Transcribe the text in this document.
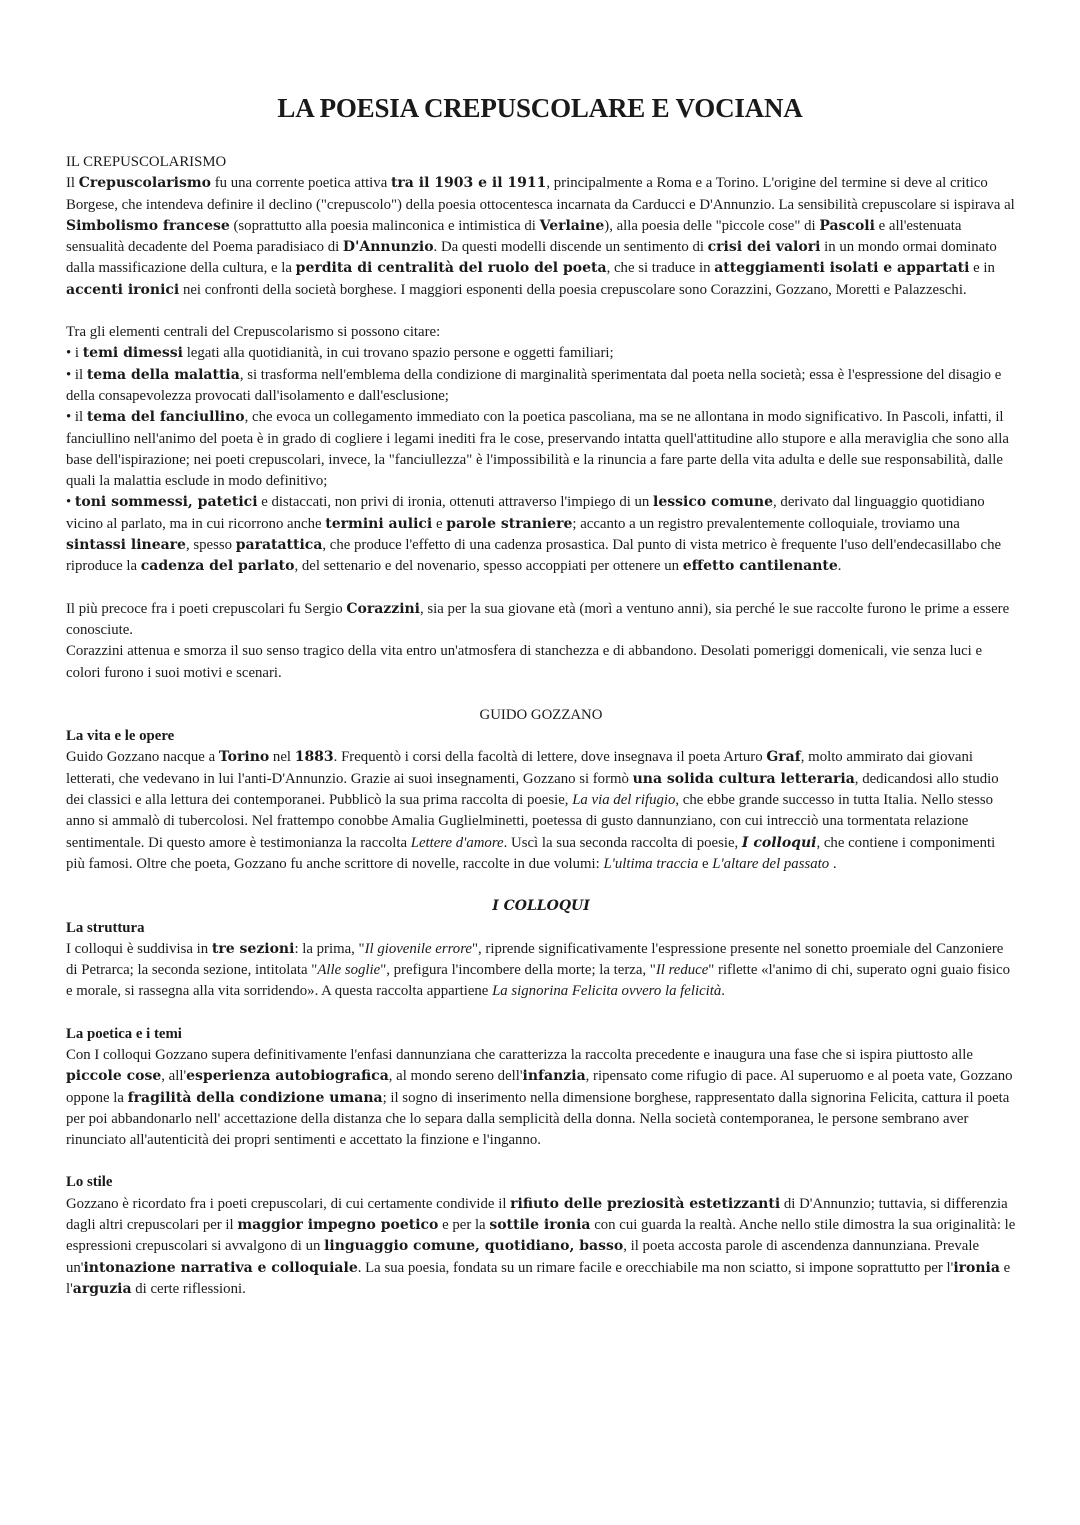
LA POESIA CREPUSCOLARE E VOCIANA

IL CREPUSCOLARISMO

Il Crepuscolarismo fu una corrente poetica attiva tra il 1903 e il 1911, principalmente a Roma e a Torino. L'origine del termine si deve al critico Borgese, che intendeva definire il declino ("crepuscolo") della poesia ottocentesca incarnata da Carducci e D'Annunzio. La sensibilità crepuscolare si ispirava al Simbolismo francese (soprattutto alla poesia malinconica e intimistica di Verlaine), alla poesia delle "piccole cose" di Pascoli e all'estenuata sensualità decadente del Poema paradisiaco di D'Annunzio. Da questi modelli discende un sentimento di crisi dei valori in un mondo ormai dominato dalla massificazione della cultura, e la perdita di centralità del ruolo del poeta, che si traduce in atteggiamenti isolati e appartati e in accenti ironici nei confronti della società borghese. I maggiori esponenti della poesia crepuscolare sono Corazzini, Gozzano, Moretti e Palazzeschi.

Tra gli elementi centrali del Crepuscolarismo si possono citare:
• i temi dimessi legati alla quotidianità, in cui trovano spazio persone e oggetti familiari;
• il tema della malattia, si trasforma nell'emblema della condizione di marginalità sperimentata dal poeta nella società; essa è l'espressione del disagio e della consapevolezza provocati dall'isolamento e dall'esclusione;
• il tema del fanciullino, che evoca un collegamento immediato con la poetica pascoliana, ma se ne allontana in modo significativo. In Pascoli, infatti, il fanciullino nell'animo del poeta è in grado di cogliere i legami inediti fra le cose, preservando intatta quell'attitudine allo stupore e alla meraviglia che sono alla base dell'ispirazione; nei poeti crepuscolari, invece, la "fanciullezza" è l'impossibilità e la rinuncia a fare parte della vita adulta e delle sue responsabilità, dalle quali la malattia esclude in modo definitivo;
• toni sommessi, patetici e distaccati, non privi di ironia, ottenuti attraverso l'impiego di un lessico comune, derivato dal linguaggio quotidiano vicino al parlato, ma in cui ricorrono anche termini aulici e parole straniere; accanto a un registro prevalentemente colloquiale, troviamo una sintassi lineare, spesso paratattica, che produce l'effetto di una cadenza prosastica. Dal punto di vista metrico è frequente l'uso dell'endecasillabo che riproduce la cadenza del parlato, del settenario e del novenario, spesso accoppiati per ottenere un effetto cantilenante.

Il più precoce fra i poeti crepuscolari fu Sergio Corazzini, sia per la sua giovane età (morì a ventuno anni), sia perché le sue raccolte furono le prime a essere conosciute.
Corazzini attenua e smorza il suo senso tragico della vita entro un'atmosfera di stanchezza e di abbandono. Desolati pomeriggi domenicali, vie senza luci e colori furono i suoi motivi e scenari.

GUIDO GOZZANO

La vita e le opere

Guido Gozzano nacque a Torino nel 1883. Frequentò i corsi della facoltà di lettere, dove insegnava il poeta Arturo Graf, molto ammirato dai giovani letterati, che vedevano in lui l'anti-D'Annunzio. Grazie ai suoi insegnamenti, Gozzano si formò una solida cultura letteraria, dedicandosi allo studio dei classici e alla lettura dei contemporanei. Pubblicò la sua prima raccolta di poesie, La via del rifugio, che ebbe grande successo in tutta Italia. Nello stesso anno si ammalò di tubercolosi. Nel frattempo conobbe Amalia Guglielminetti, poetessa di gusto dannunziano, con cui intrecciò una tormentata relazione sentimentale. Di questo amore è testimonianza la raccolta Lettere d'amore. Uscì la sua seconda raccolta di poesie, I colloqui, che contiene i componimenti più famosi. Oltre che poeta, Gozzano fu anche scrittore di novelle, raccolte in due volumi: L'ultima traccia e L'altare del passato .

I COLLOQUI

La struttura

I colloqui è suddivisa in tre sezioni: la prima, "Il giovenile errore", riprende significativamente l'espressione presente nel sonetto proemiale del Canzoniere di Petrarca; la seconda sezione, intitolata "Alle soglie", prefigura l'incombere della morte; la terza, "Il reduce" riflette «l'animo di chi, superato ogni guaio fisico e morale, si rassegna alla vita sorridendo». A questa raccolta appartiene La signorina Felicita ovvero la felicità.

La poetica e i temi

Con I colloqui Gozzano supera definitivamente l'enfasi dannunziana che caratterizza la raccolta precedente e inaugura una fase che si ispira piuttosto alle piccole cose, all'esperienza autobiografica, al mondo sereno dell'infanzia, ripensato come rifugio di pace. Al superuomo e al poeta vate, Gozzano oppone la fragilità della condizione umana; il sogno di inserimento nella dimensione borghese, rappresentato dalla signorina Felicita, cattura il poeta per poi abbandonarlo nell' accettazione della distanza che lo separa dalla semplicità della donna. Nella società contemporanea, le persone sembrano aver rinunciato all'autenticità dei propri sentimenti e accettato la finzione e l'inganno.

Lo stile

Gozzano è ricordato fra i poeti crepuscolari, di cui certamente condivide il rifiuto delle preziosità estetizzanti di D'Annunzio; tuttavia, si differenzia dagli altri crepuscolari per il maggior impegno poetico e per la sottile ironia con cui guarda la realtà. Anche nello stile dimostra la sua originalità: le espressioni crepuscolari si avvalgono di un linguaggio comune, quotidiano, basso, il poeta accosta parole di ascendenza dannunziana. Prevale un'intonazione narrativa e colloquiale. La sua poesia, fondata su un rimare facile e orecchiabile ma non sciatto, si impone soprattutto per l'ironia e l'arguzia di certe riflessioni.
